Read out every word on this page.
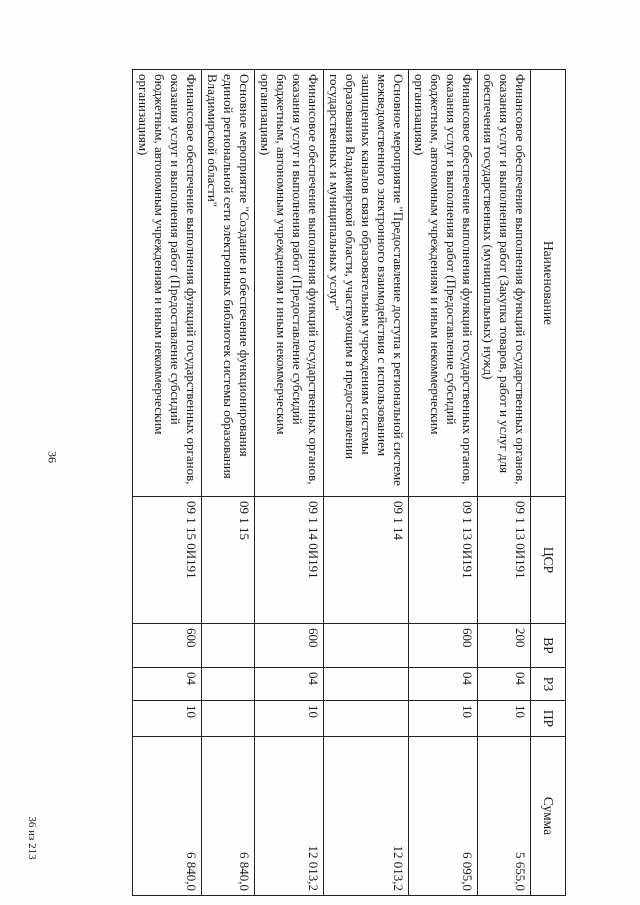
36
36 из 213
Наименование	ЦСР	ВР	РЗ	ПР	Сумма
Финансовое обеспечение выполнения функций государственных органов, оказания услуг и выполнения работ (Закупка товаров, работ и услуг для обеспечения государственных (муниципальных) нужд)	09 1 13 0И191	200	04	10	5 655,0
Финансовое обеспечение выполнения функций государственных органов, оказания услуг и выполнения работ (Предоставление субсидий бюджетным, автономным учреждениям и иным некоммерческим организациям)	09 1 13 0И191	600	04	10	6 095,0
Основное мероприятие "Предоставление доступа к региональной системе межведомственного электронного взаимодействия с использованием защищенных каналов связи образовательным учреждениям системы образования Владимирской области, участвующим в предоставлении государственных и муниципальных услуг"	09 1 14				12 013,2
Финансовое обеспечение выполнения функций государственных органов, оказания услуг и выполнения работ (Предоставление субсидий бюджетным, автономным учреждениям и иным некоммерческим организациям)	09 1 14 0И191	600	04	10	12 013,2
Основное мероприятие "Создание и обеспечение функционирования единой региональной сети электронных библиотек системы образования Владимирской области"	09 1 15				6 840,0
Финансовое обеспечение выполнения функций государственных органов, оказания услуг и выполнения работ (Предоставление субсидий бюджетным, автономным учреждениям и иным некоммерческим организациям)	09 1 15 0И191	600	04	10	6 840,0
